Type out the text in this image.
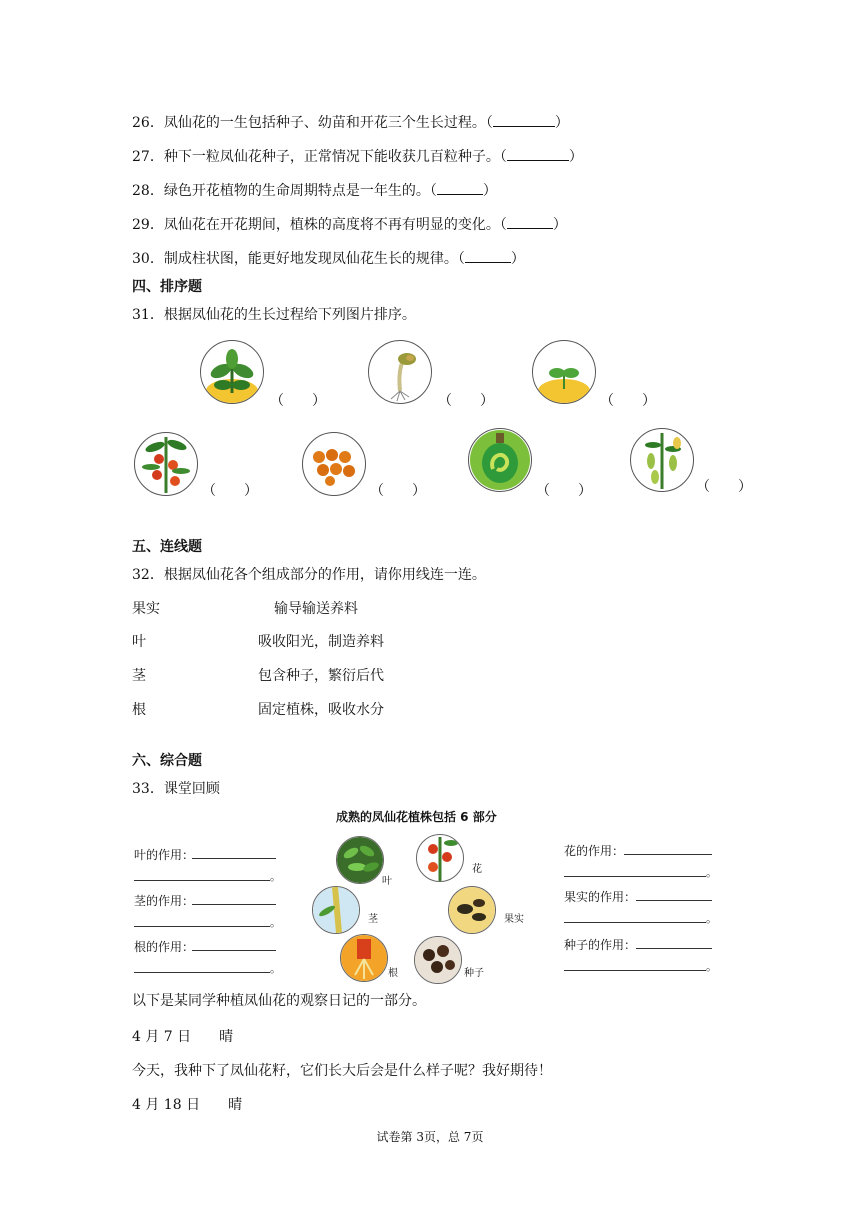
26．凤仙花的一生包括种子、幼苗和开花三个生长过程。（	）
27．种下一粒凤仙花种子，正常情况下能收获几百粒种子。（	）
28．绿色开花植物的生命周期特点是一年生的。（	）
29．凤仙花在开花期间，植株的高度将不再有明显的变化。（	）
30．制成柱状图，能更好地发现凤仙花生长的规律。（	）
四、排序题
31．根据凤仙花的生长过程给下列图片排序。
（　　）	（　　）	（　　）
（　　）	（　　）	（　　）	（　　）
五、连线题
32．根据凤仙花各个组成部分的作用，请你用线连一连。
果实	输导输送养料
叶	吸收阳光，制造养料
茎	包含种子，繁衍后代
根	固定植株，吸收水分
六、综合题
33．课堂回顾
成熟的凤仙花植株包括 6 部分
叶的作用：
。
茎的作用：
。
根的作用：
。
花的作用：
。
果实的作用：
。
种子的作用：
。
叶
花
茎	果实
根	种子
以下是某同学种植凤仙花的观察日记的一部分。
4 月 7 日　　晴
今天，我种下了凤仙花籽，它们长大后会是什么样子呢？我好期待！
4 月 18 日　　晴
试卷第 3页，总 7页
